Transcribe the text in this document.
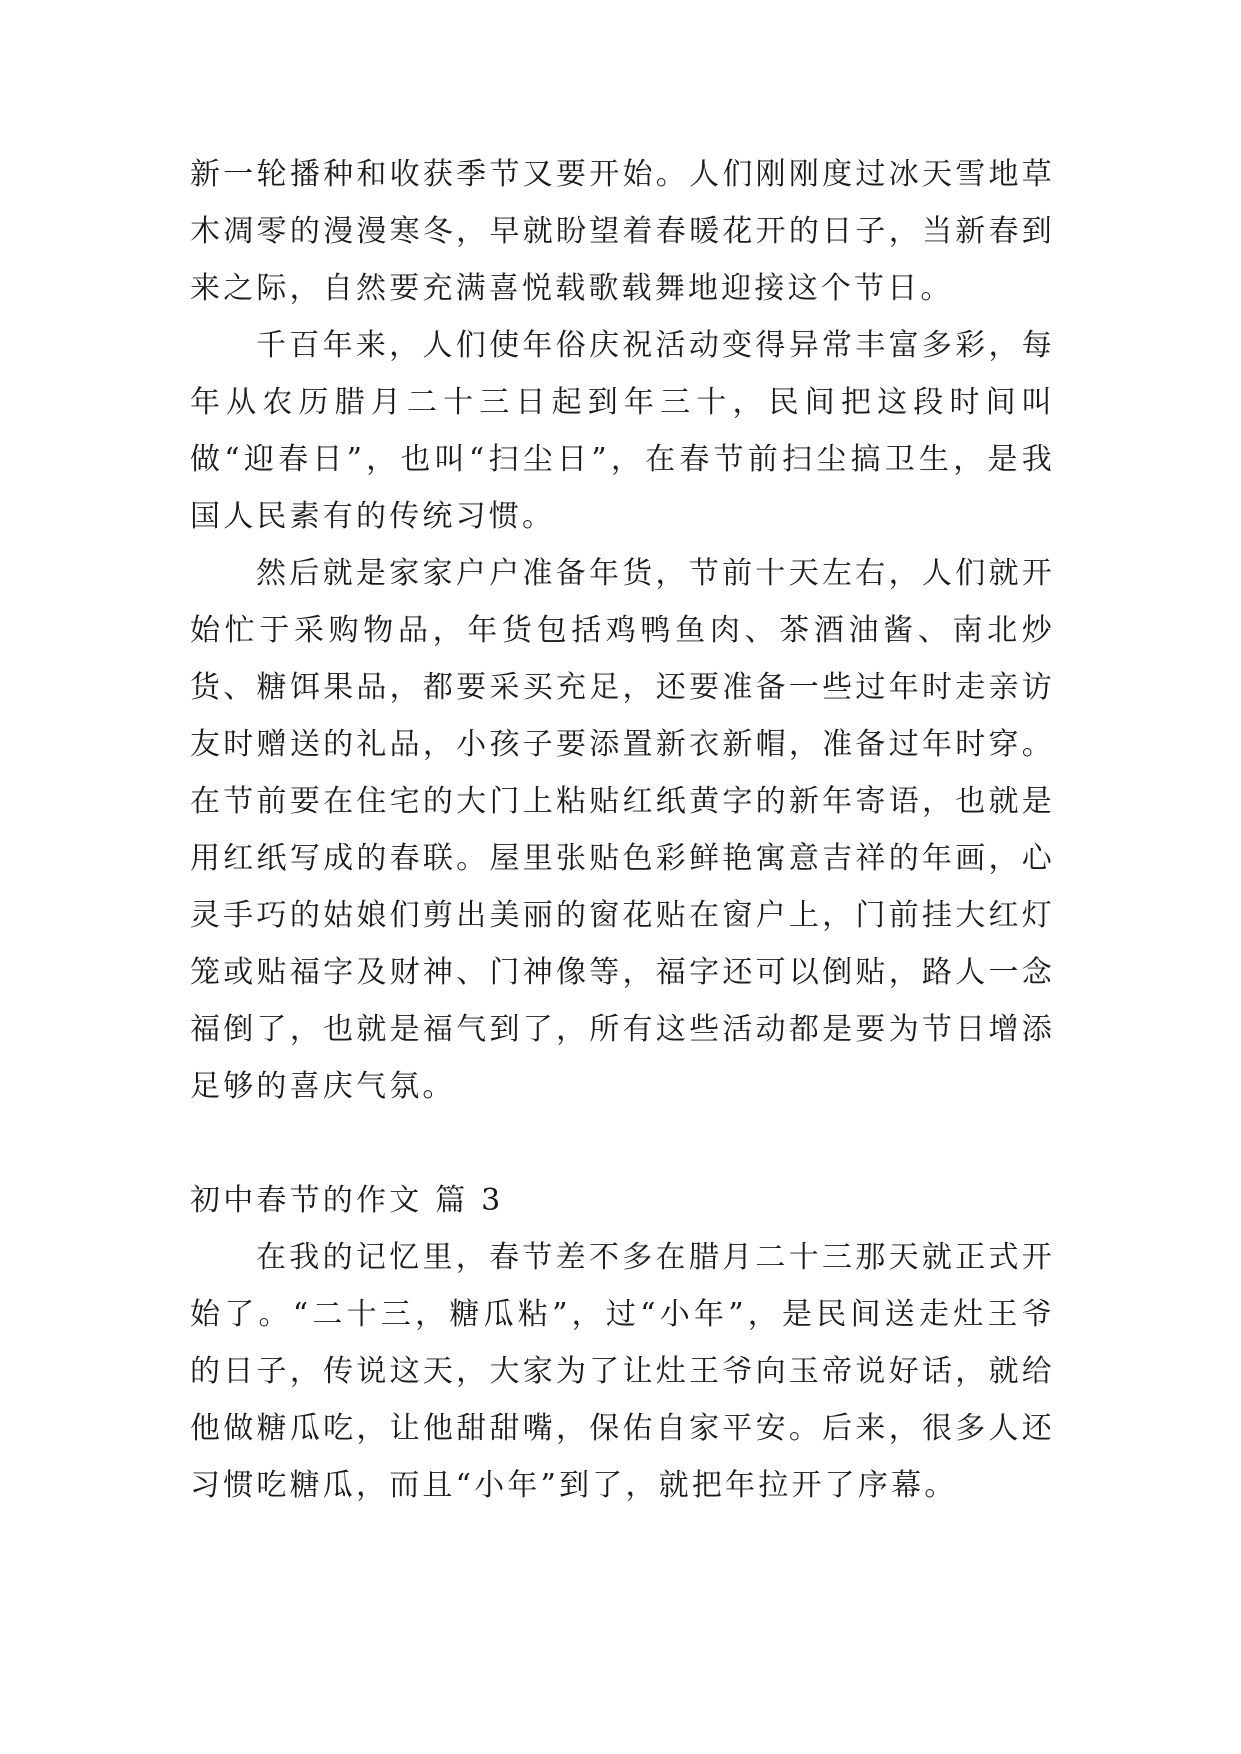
新一轮播种和收获季节又要开始。人们刚刚度过冰天雪地草木凋零的漫漫寒冬，早就盼望着春暖花开的日子，当新春到来之际，自然要充满喜悦载歌载舞地迎接这个节日。

千百年来，人们使年俗庆祝活动变得异常丰富多彩，每年从农历腊月二十三日起到年三十，民间把这段时间叫做“迎春日”，也叫“扫尘日”，在春节前扫尘搞卫生，是我国人民素有的传统习惯。

然后就是家家户户准备年货，节前十天左右，人们就开始忙于采购物品，年货包括鸡鸭鱼肉、茶酒油酱、南北炒货、糖饵果品，都要采买充足，还要准备一些过年时走亲访友时赠送的礼品，小孩子要添置新衣新帽，准备过年时穿。在节前要在住宅的大门上粘贴红纸黄字的新年寄语，也就是用红纸写成的春联。屋里张贴色彩鲜艳寓意吉祥的年画，心灵手巧的姑娘们剪出美丽的窗花贴在窗户上，门前挂大红灯笼或贴福字及财神、门神像等，福字还可以倒贴，路人一念福倒了，也就是福气到了，所有这些活动都是要为节日增添足够的喜庆气氛。

初中春节的作文 篇 3

在我的记忆里，春节差不多在腊月二十三那天就正式开始了。“二十三，糖瓜粘”，过“小年”，是民间送走灶王爷的日子，传说这天，大家为了让灶王爷向玉帝说好话，就给他做糖瓜吃，让他甜甜嘴，保佑自家平安。后来，很多人还习惯吃糖瓜，而且“小年”到了，就把年拉开了序幕。
